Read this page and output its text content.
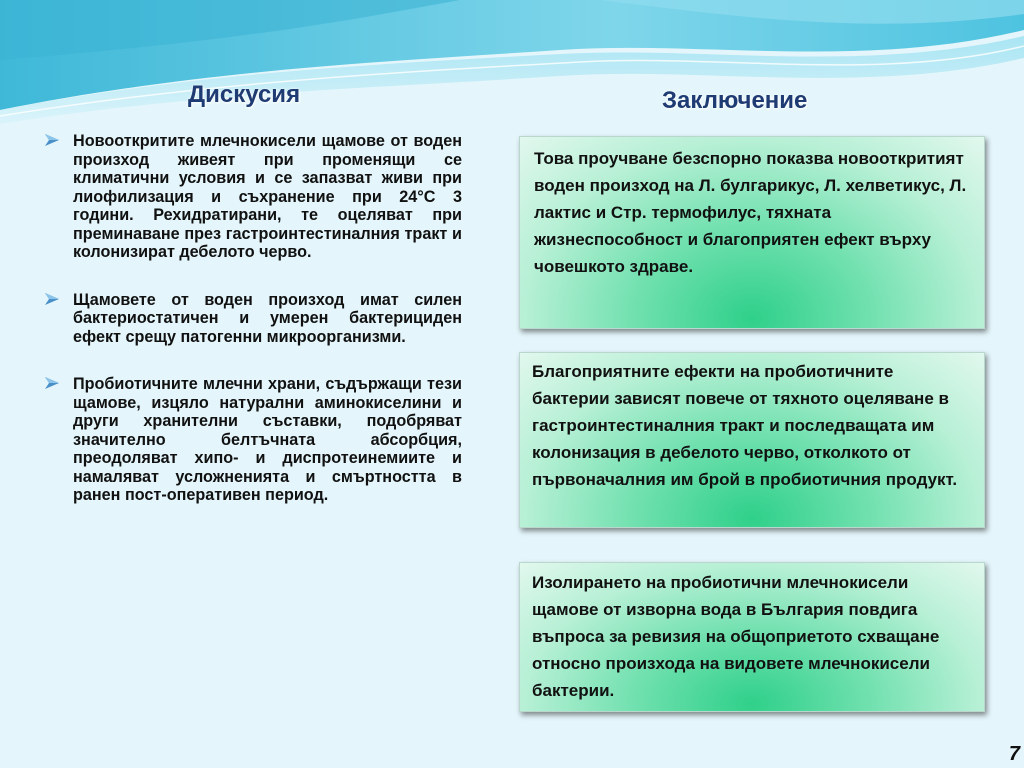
Дискусия	Заключение
Новооткритите млечнокисели щамове от воден произход живеят при променящи се климатични условия и се запазват живи при лиофилизация и съхранение при 24°С 3 години. Рехидратирани, те оцеляват при преминаване през гастроинтестиналния тракт и колонизират дебелото черво.
Щамовете от воден произход имат силен бактериостатичен и умерен бактерициден ефект срещу патогенни микроорганизми.
Пробиотичните млечни храни, съдържащи тези щамове, изцяло натурални аминокиселини и други хранителни съставки, подобряват значително белтъчната абсорбция, преодоляват хипо- и диспротеинемиите и намаляват усложненията и смъртността в ранен пост-оперативен период.
Това проучване безспорно показва новооткритият воден произход на Л. булгарикус, Л. хелветикус, Л. лактис и Стр. термофилус, тяхната жизнеспособност и благоприятен ефект върху човешкото здраве.
Благоприятните ефекти на пробиотичните бактерии зависят повече от тяхното оцеляване в гастроинтестиналния тракт и последващата им колонизация в дебелото черво, отколкото от първоначалния им брой в пробиотичния продукт.
Изолирането на пробиотични млечнокисели щамове от изворна вода в България повдига въпроса за ревизия на общоприетото схващане относно произхода на видовете млечнокисели бактерии.
7
